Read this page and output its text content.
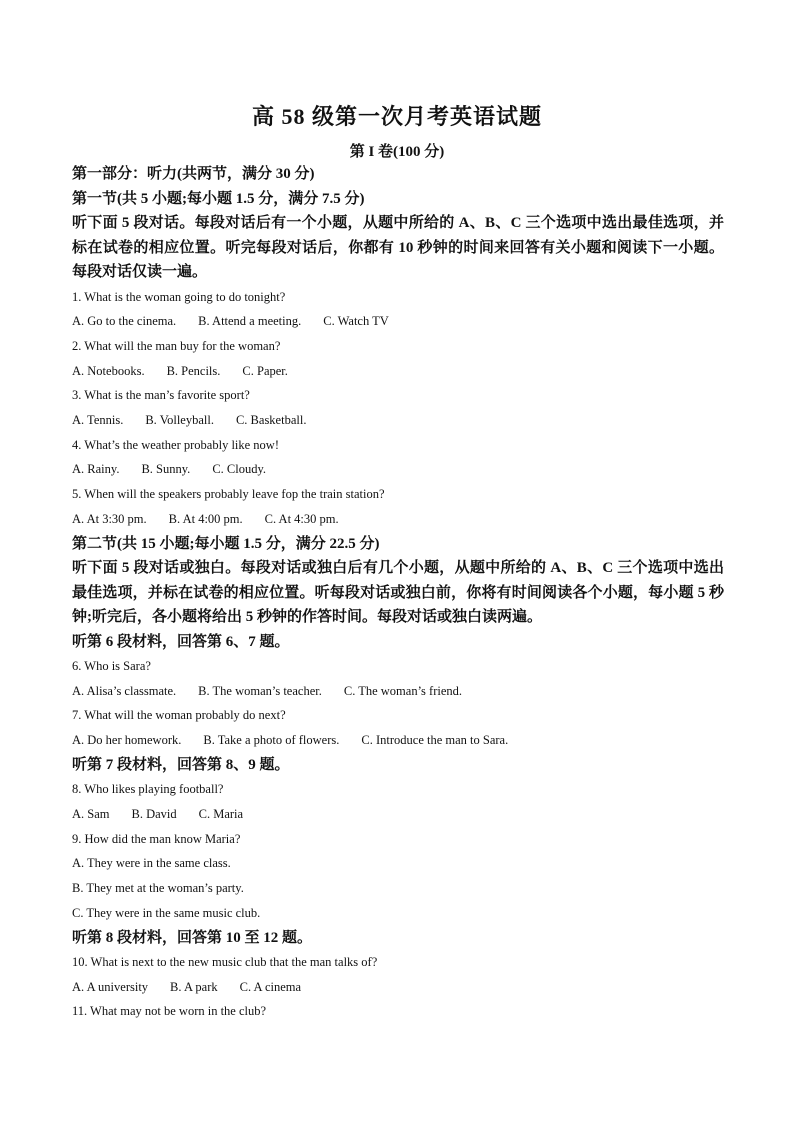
高 58 级第一次月考英语试题
第 I 卷(100 分)

第一部分：听力(共两节，满分 30 分)

第一节(共 5 小题;每小题 1.5 分，满分 7.5 分)

听下面 5 段对话。每段对话后有一个小题，从题中所给的 A、B、C 三个选项中选出最佳选项，并标在试卷的相应位置。听完每段对话后，你都有 10 秒钟的时间来回答有关小题和阅读下一小题。每段对话仅读一遍。

1. What is the woman going to do tonight?

A. Go to the cinema. B. Attend a meeting. C. Watch TV

2. What will the man buy for the woman?

A. Notebooks. B. Pencils. C. Paper.

3. What is the man’s favorite sport?

A. Tennis. B. Volleyball. C. Basketball.

4. What’s the weather probably like now!

A. Rainy. B. Sunny. C. Cloudy.

5. When will the speakers probably leave fop the train station?

A. At 3:30 pm. B. At 4:00 pm. C. At 4:30 pm.

第二节(共 15 小题;每小题 1.5 分，满分 22.5 分)

听下面 5 段对话或独白。每段对话或独白后有几个小题，从题中所给的 A、B、C 三个选项中选出最佳选项，并标在试卷的相应位置。听每段对话或独白前，你将有时间阅读各个小题，每小题 5 秒钟;听完后，各小题将给出 5 秒钟的作答时间。每段对话或独白读两遍。

听第 6 段材料，回答第 6、7 题。

6. Who is Sara?

A. Alisa’s classmate. B. The woman’s teacher. C. The woman’s friend.

7. What will the woman probably do next?

A. Do her homework. B. Take a photo of flowers. C. Introduce the man to Sara.

听第 7 段材料，回答第 8、9 题。

8. Who likes playing football?

A. Sam B. David C. Maria

9. How did the man know Maria?

A. They were in the same class.

B. They met at the woman’s party.

C. They were in the same music club.

听第 8 段材料，回答第 10 至 12 题。

10. What is next to the new music club that the man talks of?

A. A university B. A park C. A cinema

11. What may not be worn in the club?
